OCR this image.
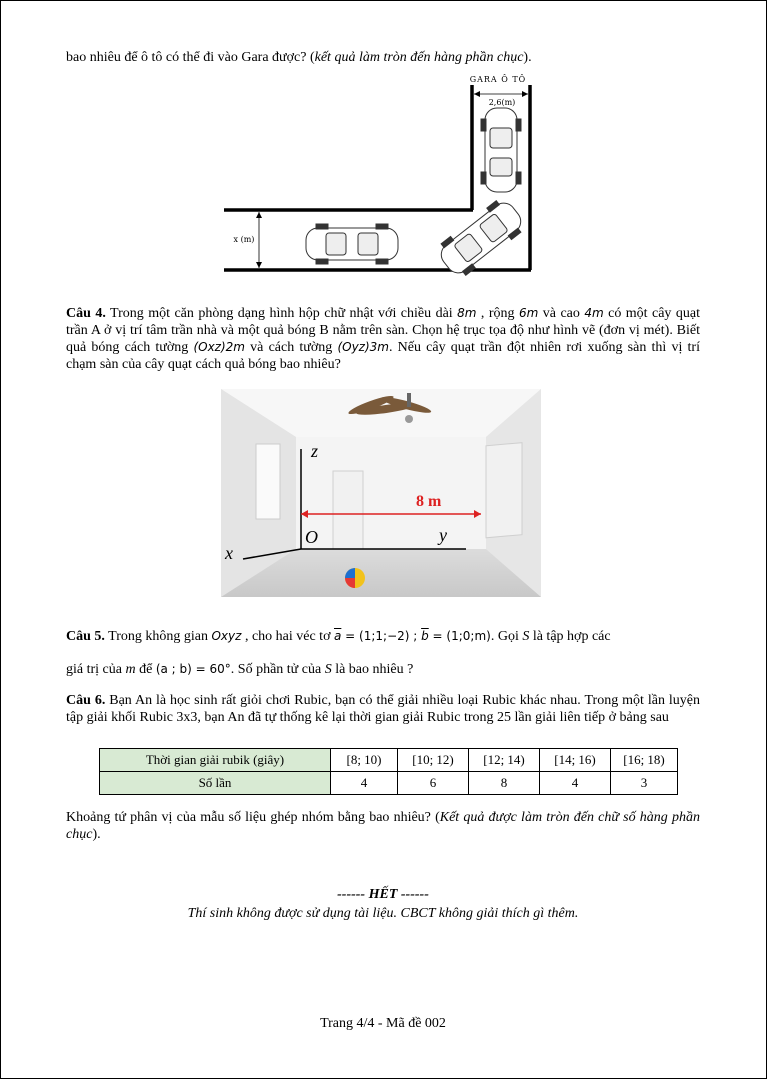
bao nhiêu để ô tô có thể đi vào Gara được? (kết quả làm tròn đến hàng phần chục).
GARA Ô TÔ
2,6(m)
x (m)
Câu 4. Trong một căn phòng dạng hình hộp chữ nhật với chiều dài 8m , rộng 6m và cao 4m có một cây quạt trần A ở vị trí tâm trần nhà và một quả bóng B nằm trên sàn. Chọn hệ trục tọa độ như hình vẽ (đơn vị mét). Biết quả bóng cách tường (Oxz)2m và cách tường (Oyz)3m. Nếu cây quạt trần đột nhiên rơi xuống sàn thì vị trí chạm sàn của cây quạt cách quả bóng bao nhiêu?
8 m
z
y
x
O
Câu 5. Trong không gian Oxyz , cho hai véc tơ $\overline{a}$ = (1;1;−2) ; $\overline{b}$ = (1;0;m). Gọi S là tập hợp các
giá trị của m để (a ; b) = 60°. Số phần tử của S là bao nhiêu ?
Câu 6. Bạn An là học sinh rất giỏi chơi Rubic, bạn có thể giải nhiều loại Rubic khác nhau. Trong một lần luyện tập giải khối Rubic 3x3, bạn An đã tự thống kê lại thời gian giải Rubic trong 25 lần giải liên tiếp ở bảng sau
Thời gian giải rubik (giây)	[8; 10)	[10; 12)	[12; 14)	[14; 16)	[16; 18)
Số lần	4	6	8	4	3
Khoảng tứ phân vị của mẫu số liệu ghép nhóm bằng bao nhiêu? (Kết quả được làm tròn đến chữ số hàng phần chục).
------ HẾT ------
Thí sinh không được sử dụng tài liệu. CBCT không giải thích gì thêm.
Trang 4/4 - Mã đề 002
